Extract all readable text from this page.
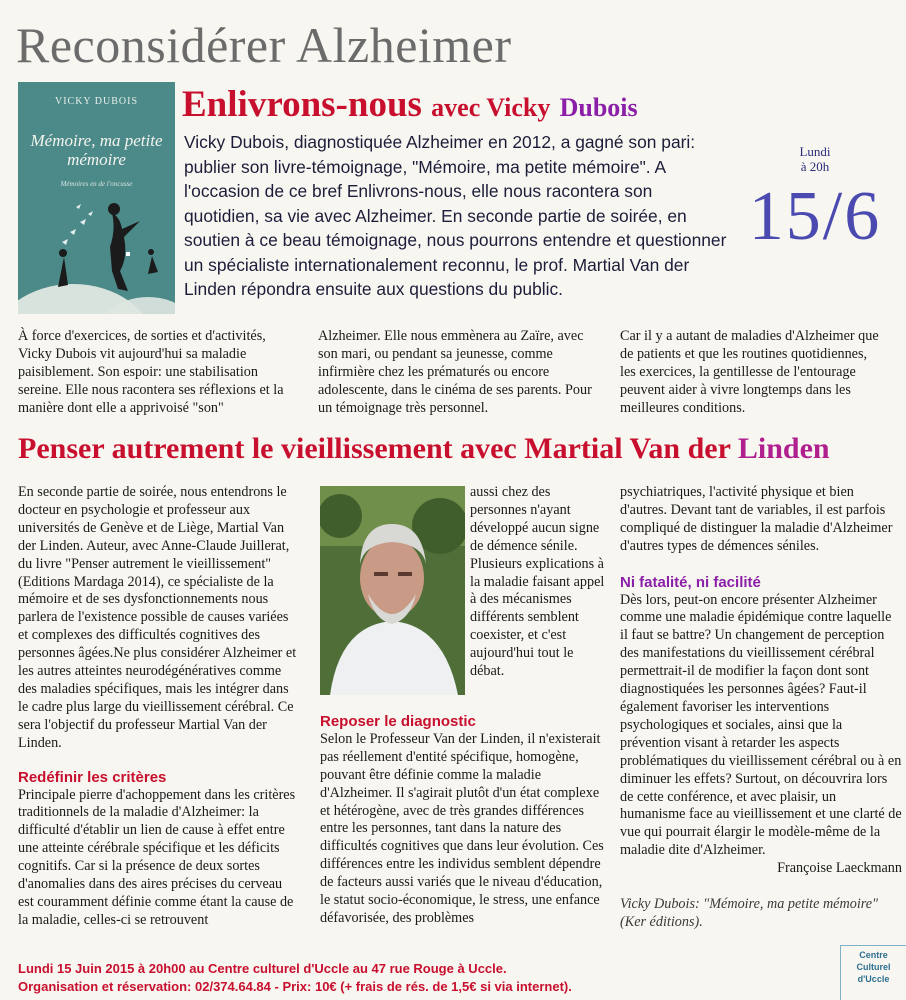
Reconsidérer Alzheimer
VICKY DUBOIS
Mémoire, ma petite mémoire
Mémoires en de l'oncusse
Enlivrons-nous avec Vicky Dubois
Vicky Dubois, diagnostiquée Alzheimer en 2012, a gagné son pari: publier son livre-témoignage, "Mémoire, ma petite mémoire". A l'occasion de ce bref Enlivrons-nous, elle nous racontera son quotidien, sa vie avec Alzheimer. En seconde partie de soirée, en soutien à ce beau témoignage, nous pourrons entendre et questionner un spécialiste internationalement reconnu, le prof. Martial Van der Linden répondra ensuite aux questions du public.
Lundi
à 20h
15/6
À force d'exercices, de sorties et d'activités, Vicky Dubois vit aujourd'hui sa maladie paisiblement. Son espoir: une stabilisation sereine. Elle nous racontera ses réflexions et la manière dont elle a apprivoisé "son"
Alzheimer. Elle nous emmènera au Zaïre, avec son mari, ou pendant sa jeunesse, comme infirmière chez les prématurés ou encore adolescente, dans le cinéma de ses parents. Pour un témoignage très personnel.
Car il y a autant de maladies d'Alzheimer que de patients et que les routines quotidiennes, les exercices, la gentillesse de l'entourage peuvent aider à vivre longtemps dans les meilleures conditions.
Penser autrement le vieillissement avec Martial Van der Linden
En seconde partie de soirée, nous entendrons le docteur en psychologie et professeur aux universités de Genève et de Liège, Martial Van der Linden. Auteur, avec Anne-Claude Juillerat, du livre "Penser autrement le vieillissement" (Editions Mardaga 2014), ce spécialiste de la mémoire et de ses dysfonctionnements nous parlera de l'existence possible de causes variées et complexes des difficultés cognitives des personnes âgées.Ne plus considérer Alzheimer et les autres atteintes neurodégénératives comme des maladies spécifiques, mais les intégrer dans le cadre plus large du vieillissement cérébral. Ce sera l'objectif du professeur Martial Van der Linden.
Redéfinir les critères
Principale pierre d'achoppement dans les critères traditionnels de la maladie d'Alzheimer: la difficulté d'établir un lien de cause à effet entre une atteinte cérébrale spécifique et les déficits cognitifs. Car si la présence de deux sortes d'anomalies dans des aires précises du cerveau est couramment définie comme étant la cause de la maladie, celles-ci se retrouvent
aussi chez des personnes n'ayant développé aucun signe de démence sénile. Plusieurs explications à la maladie faisant appel à des mécanismes différents semblent coexister, et c'est aujourd'hui tout le débat.
Reposer le diagnostic
Selon le Professeur Van der Linden, il n'existerait pas réellement d'entité spécifique, homogène, pouvant être définie comme la maladie d'Alzheimer. Il s'agirait plutôt d'un état complexe et hétérogène, avec de très grandes différences entre les personnes, tant dans la nature des difficultés cognitives que dans leur évolution. Ces différences entre les individus semblent dépendre de facteurs aussi variés que le niveau d'éducation, le statut socio-économique, le stress, une enfance défavorisée, des problèmes
psychiatriques, l'activité physique et bien d'autres. Devant tant de variables, il est parfois compliqué de distinguer la maladie d'Alzheimer d'autres types de démences séniles.
Ni fatalité, ni facilité
Dès lors, peut-on encore présenter Alzheimer comme une maladie épidémique contre laquelle il faut se battre? Un changement de perception des manifestations du vieillissement cérébral permettrait-il de modifier la façon dont sont diagnostiquées les personnes âgées? Faut-il également favoriser les interventions psychologiques et sociales, ainsi que la prévention visant à retarder les aspects problématiques du vieillissement cérébral ou à en diminuer les effets? Surtout, on découvrira lors de cette conférence, et avec plaisir, un humanisme face au vieillissement et une clarté de vue qui pourrait élargir le modèle-même de la maladie dite d'Alzheimer.
Françoise Laeckmann
Vicky Dubois: "Mémoire, ma petite mémoire" (Ker éditions).
Lundi 15 Juin 2015 à 20h00 au Centre culturel d'Uccle au 47 rue Rouge à Uccle.
Organisation et réservation: 02/374.64.84 - Prix: 10€ (+ frais de rés. de 1,5€ si via internet).
Centre
Culturel
d'Uccle
